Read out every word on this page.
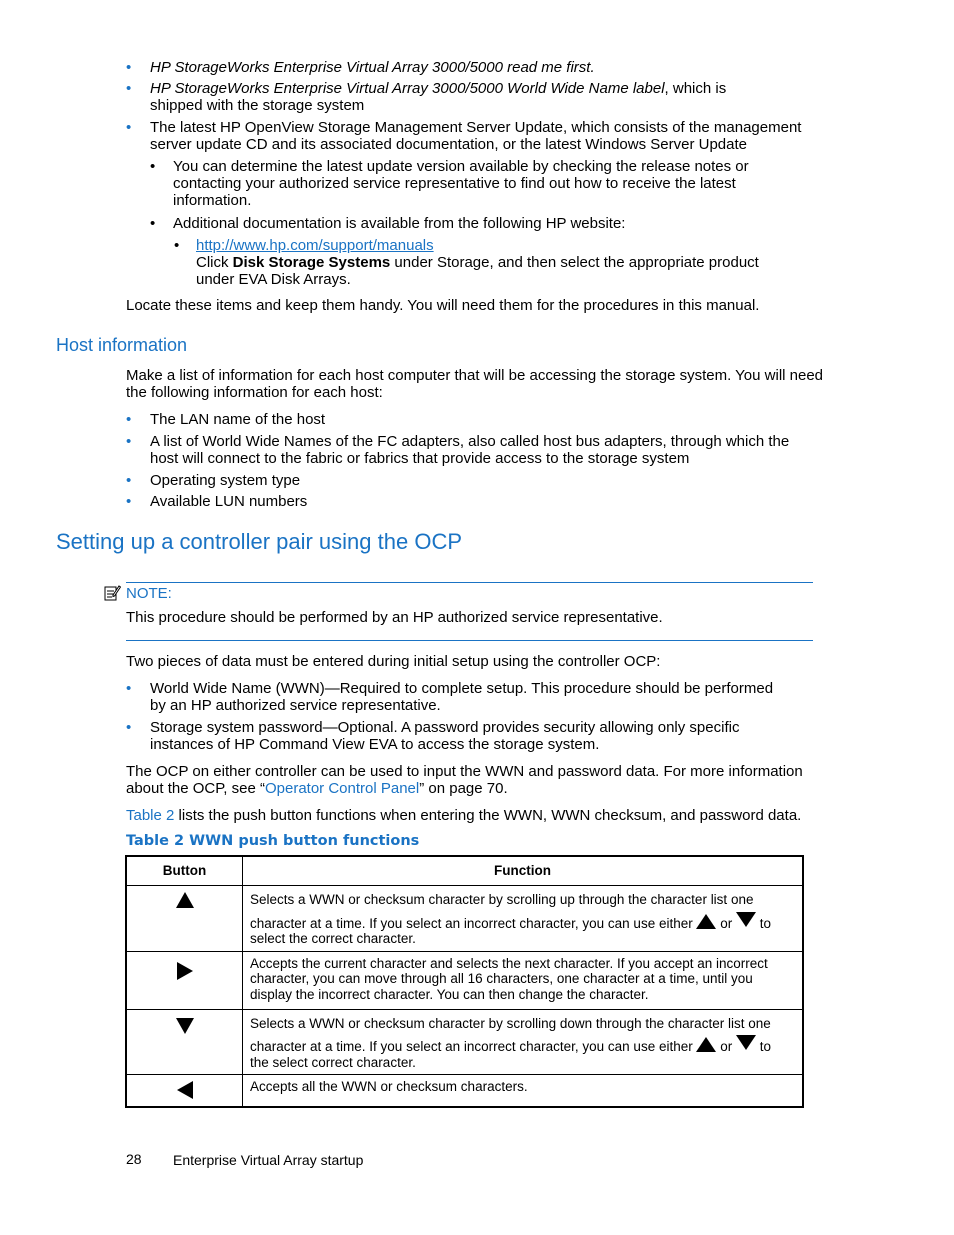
• HP StorageWorks Enterprise Virtual Array 3000/5000 read me first.
• HP StorageWorks Enterprise Virtual Array 3000/5000 World Wide Name label, which is
shipped with the storage system
• The latest HP OpenView Storage Management Server Update, which consists of the management
server update CD and its associated documentation, or the latest Windows Server Update
• You can determine the latest update version available by checking the release notes or
contacting your authorized service representative to find out how to receive the latest
information.
• Additional documentation is available from the following HP website:
• http://www.hp.com/support/manuals
Click Disk Storage Systems under Storage, and then select the appropriate product
under EVA Disk Arrays.
Locate these items and keep them handy. You will need them for the procedures in this manual.
Host information
Make a list of information for each host computer that will be accessing the storage system. You will need
the following information for each host:
• The LAN name of the host
• A list of World Wide Names of the FC adapters, also called host bus adapters, through which the
host will connect to the fabric or fabrics that provide access to the storage system
• Operating system type
• Available LUN numbers
Setting up a controller pair using the OCP
NOTE:
This procedure should be performed by an HP authorized service representative.
Two pieces of data must be entered during initial setup using the controller OCP:
• World Wide Name (WWN)—Required to complete setup. This procedure should be performed
by an HP authorized service representative.
• Storage system password—Optional. A password provides security allowing only specific
instances of HP Command View EVA to access the storage system.
The OCP on either controller can be used to input the WWN and password data. For more information
about the OCP, see “Operator Control Panel” on page 70.
Table 2 lists the push button functions when entering the WWN, WWN checksum, and password data.
Table 2 WWN push button functions
Button	Function

	Selects a WWN or checksum character by scrolling up through the character list one
character at a time. If you select an incorrect character, you can use either  or  to
select the correct character.

	Accepts the current character and selects the next character. If you accept an incorrect character, you can move through all 16 characters, one character at a time, until you display the incorrect character. You can then change the character.

	Selects a WWN or checksum character by scrolling down through the character list one
character at a time. If you select an incorrect character, you can use either  or  to
the select correct character.

	Accepts all the WWN or checksum characters.
28 Enterprise Virtual Array startup
